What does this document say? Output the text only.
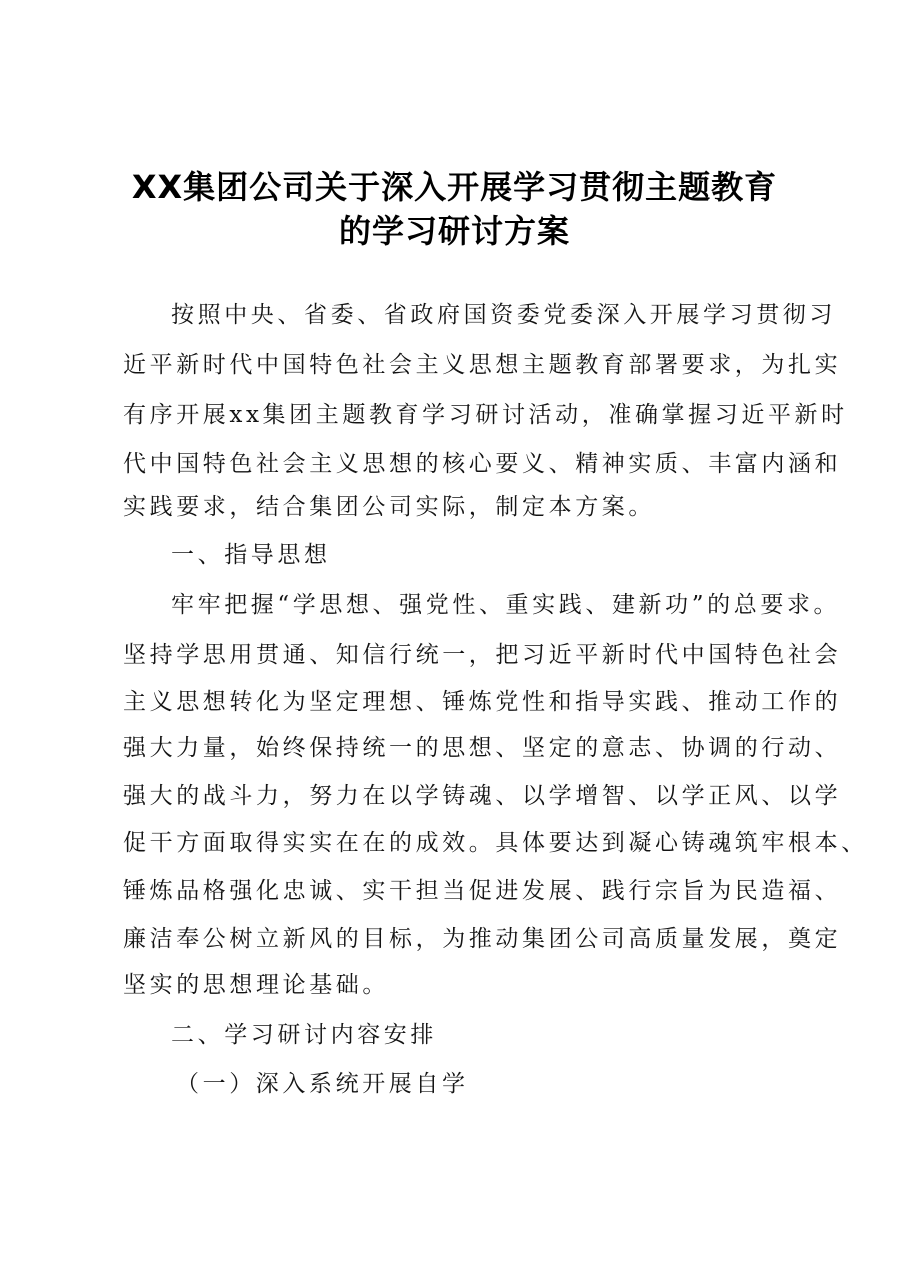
XX集团公司关于深入开展学习贯彻主题教育
的学习研讨方案
按照中央、省委、省政府国资委党委深入开展学习贯彻习
近平新时代中国特色社会主义思想主题教育部署要求，为扎实
有序开展xx集团主题教育学习研讨活动，准确掌握习近平新时
代中国特色社会主义思想的核心要义、精神实质、丰富内涵和
实践要求，结合集团公司实际，制定本方案。
一、指导思想
牢牢把握“学思想、强党性、重实践、建新功”的总要求。
坚持学思用贯通、知信行统一，把习近平新时代中国特色社会
主义思想转化为坚定理想、锤炼党性和指导实践、推动工作的
强大力量，始终保持统一的思想、坚定的意志、协调的行动、
强大的战斗力，努力在以学铸魂、以学增智、以学正风、以学
促干方面取得实实在在的成效。具体要达到凝心铸魂筑牢根本、
锤炼品格强化忠诚、实干担当促进发展、践行宗旨为民造福、
廉洁奉公树立新风的目标，为推动集团公司高质量发展，奠定
坚实的思想理论基础。
二、学习研讨内容安排
（一）深入系统开展自学
